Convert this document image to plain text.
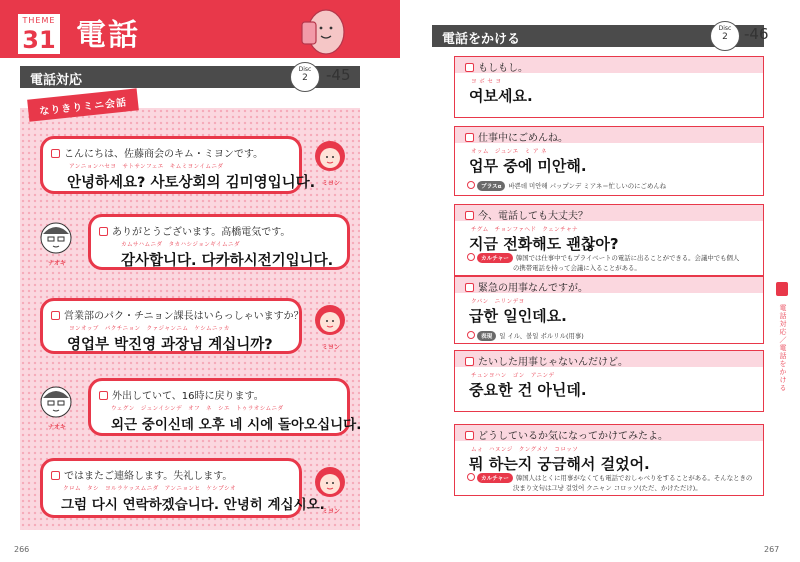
THEME
31 電話
電話対応
Disc
2	-45
なりきりミニ会話
こんにちは、佐藤商会のキム・ミヨンです。
アンニョンハセヨ　サトサンフェエ　キムミヨンイムニダ
안녕하세요? 사토상회의 김미영입니다. ミヨン
ありがとうございます。高橋電気です。
カムサハムニダ　タカハシジョンギイムニダ
감사합니다. 다카하시전기입니다.
ナオキ
営業部のパク・チニョン課長はいらっしゃいますか？
ヨンオッブ　パクチニョン　クァジャンニム　ケシムニッカ
영업부 박진영 과장님 계십니까?	ミヨン
外出していて、16時に戻ります。
ウェグン　ジュンイシンデ　オフ　ネ　シエ　トゥラオシムニダ
외근 중이신데 오후 네 시에 돌아오십니다.
ナオキ
ではまたご連絡します。失礼します。
クロム　タシ　ヨルラケッスムニダ　アンニョンヒ　ケシプシオ
그럼 다시 연락하겠습니다. 안녕히 계십시오.
ミヨン
266
電話をかける
Disc
2	-46
もしもし。
ヨ ボ セ ヨ
여보세요.
仕事中にごめんね。
オッム　ジュンエ　ミ ア ネ
업무 중에 미안해.
プラスα 바쁜데 미안해 パップンデ ミアネ＝忙しいのにごめんね
今、電話しても大丈夫？
チグム　チョンファヘド　クェンチャナ
지금 전화해도 괜찮아?
カルチャー 韓国では仕事中でもプライベートの電話に出ることができる。会議中でも個人
の携帯電話を持って会議に入ることがある。
緊急の用事なんですが。
クパン　ニリンデヨ
급한 일인데요.
表現 일 イル、볼일 ポルリル(用事)
たいした用事じゃないんだけど。
チュンヨハン　ゴン　アニンデ
중요한 건 아닌데.
どうしているか気になってかけてみたよ。
ムォ　ハヌンジ　クングメソ　コロッソ
뭐 하는지 궁금해서 걸었어.
カルチャー 韓国人はとくに用事がなくても電話でおしゃべりをすることがある。そんなときの
決まり文句は그냥 걸었어 クニャン コロッソ(ただ、かけただけ)。
267
電話対応／電話をかける
